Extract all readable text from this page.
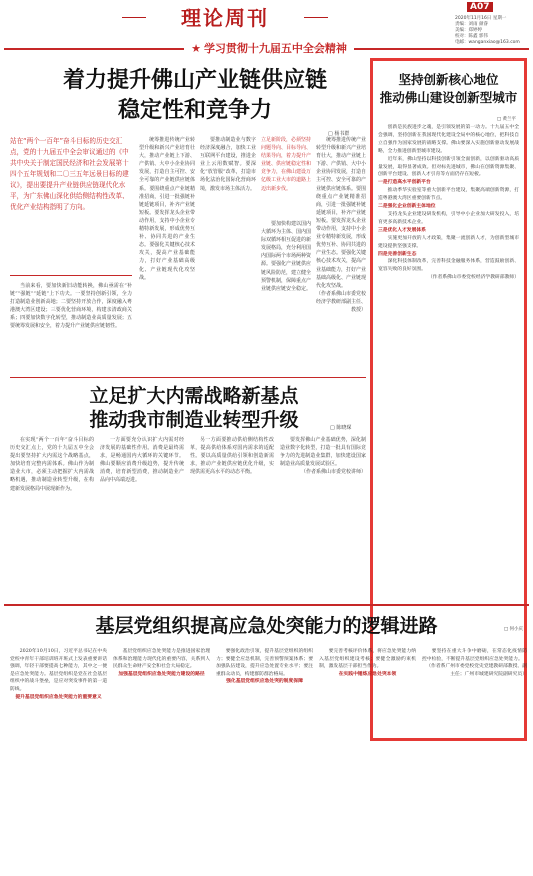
理论周刊	A07
2020年11月16日 星期一
责编：刘雨 颜睿
美编：郑婷婷
校对：陈鑫 郭伟
电邮：wanganxiao@163.com
★ 学习贯彻十九届五中全会精神
着力提升佛山产业链供应链
稳定性和竞争力
□ 杨书群
站在“两个一百年”奋斗目标的历史交汇点，党的十九届五中全会审议通过的《中共中央关于制定国民经济和社会发展第十四个五年规划和二〇三五年远景目标的建议》，提出要提升产业链供应链现代化水平，为广东佛山深化供给侧结构性改革、优化产业结构指明了方向。

当前来看，要加快新旧动能转换，佛山亟需在“补链”“强链”“延链”上下功夫。一要坚持创新引领，全力打造制造业创新高地；二要坚持开放合作，深度融入粤港澳大湾区建设；三要优化营商环境，构建亲清政商关系；四要加快数字化转型，推动制造业高质量发展；五要统筹发展和安全，着力提升产业链供应链韧性。

统筹推进传统产业转型升级和新兴产业培育壮大，推动产业链上下游、产供销、大中小企业协同发展，打造自主可控、安全可靠的产业链供应链体系。要围绕重点产业链精准招商，引进一批强链补链延链项目，补齐产业链短板。要发挥龙头企业带动作用，支持中小企业专精特新发展，形成优势互补、协同共进的产业生态。要强化关键核心技术攻关，提高产业基础能力，打好产业基础高级化、产业链现代化攻坚战。

要推动制造业与数字经济深度融合，加快工业互联网平台建设，推进企业上云用数赋智。要深化“放管服”改革，打造市场化法治化国际化营商环境，激发市场主体活力。

立足新阶段，必须坚持问题导向、目标导向、结果导向，着力提升产业链、供应链稳定性和竞争力，在佛山建设万亿级工业大市的道路上迈出新步伐。

要加快构建以国内大循环为主体、国内国际双循环相互促进的新发展格局，充分利用国内国际两个市场两种资源。要强化产业链供应链风险防范，建立健全预警机制，保障重点产业链供应链安全稳定。

统筹推进传统产业转型升级和新兴产业培育壮大，推动产业链上下游、产供销、大中小企业协同发展，打造自主可控、安全可靠的产业链供应链体系。要围绕重点产业链精准招商，引进一批强链补链延链项目，补齐产业链短板。要发挥龙头企业带动作用，支持中小企业专精特新发展，形成优势互补、协同共进的产业生态。要强化关键核心技术攻关，提高产业基础能力，打好产业基础高级化、产业链现代化攻坚战。

（作者系佛山市委党校经济学教研部副主任、教授）

坚持创新核心地位
推动佛山建设创新型城市
□ 黄兰平

创新是民族进步之魂，是引领发展的第一动力。十九届五中全会强调，坚持创新在我国现代化建设全局中的核心地位，把科技自立自强作为国家发展的战略支撑。佛山要深入实施创新驱动发展战略，全力推进创新型城市建设。

近年来，佛山坚持以科技创新引领全面创新，以创新驱动高质量发展，取得显著成效。但对标先进城市，佛山在创新资源集聚、创新平台建设、创新人才引育等方面仍存在短板。

一是打造高水平创新平台

推动季华实验室等重大创新平台建设，集聚高端创新资源，打造粤港澳大湾区重要创新节点。

二是强化企业创新主体地位

支持龙头企业建设研发机构，引导中小企业加大研发投入，培育更多高新技术企业。

三是优化人才发展体系

实施更加开放的人才政策，集聚一流创新人才，为创新型城市建设提供坚强支撑。

四是完善创新生态

深化科技体制改革，完善科技金融服务体系，营造鼓励创新、宽容失败的良好氛围。

（作者系佛山市委党校经济学教研部教师）

立足扩大内需战略新基点
推动我市制造业转型升级	□ 陈晓琛

在实现“两个一百年”奋斗目标的历史交汇点上，党的十九届五中全会提出要坚持扩大内需这个战略基点，加快培育完整内需体系。佛山作为制造业大市，必须主动把握扩大内需战略机遇，推动制造业转型升级，在构建新发展格局中展现新作为。

一方面要充分认识扩大内需对经济发展的基础性作用。消费是最终需求，是畅通国内大循环的关键环节。佛山要顺应消费升级趋势，提升传统消费，培育新型消费，推动制造业产品向中高端迈进。

另一方面要推动供给侧结构性改革，提高供给体系对国内需求的适配性。要以高质量供给引领和创造新需求，推动产业链供应链优化升级，实现供需更高水平的动态平衡。

要发挥佛山产业基础优势，深化制造业数字化转型，打造一批具有国际竞争力的先进制造业集群，加快建设国家制造业高质量发展试验区。

（作者系佛山市委党校讲师）

基层党组织提高应急处突能力的逻辑进路	□ 何小庆

2020年10月10日，习近平总书记在中央党校中青年干部培训班开班式上发表重要讲话强调，年轻干部要提高七种能力，其中之一便是应急处突能力。基层党组织是党在社会基层组织中的战斗堡垒，是应对突发事件的第一道防线。

提升基层党组织应急处突能力的重要意义

基层党组织应急处突能力是推进国家治理体系和治理能力现代化的重要内容，关系到人民群众生命财产安全和社会大局稳定。

加强基层党组织应急处突能力建设的路径

要强化政治引领，提升基层党组织的组织力；要健全应急机制，完善预警预案体系；要加强队伍建设，提升应急处置专业水平；要注重群众动员，构建群防群治格局。

强化基层党组织应急处突的制度保障

要完善考核评价体系，将应急处突能力纳入基层党组织建设考核；要健全激励约束机制，激发基层干部担当作为。

在实践中锤炼应急处突本领

要坚持在重大斗争中磨砺，在常态化疫情防控中检验，不断提升基层党组织应急处突能力。

（作者系广州市委党校党史党建教研部教授、副主任；广州市城建研究院副研究员）
